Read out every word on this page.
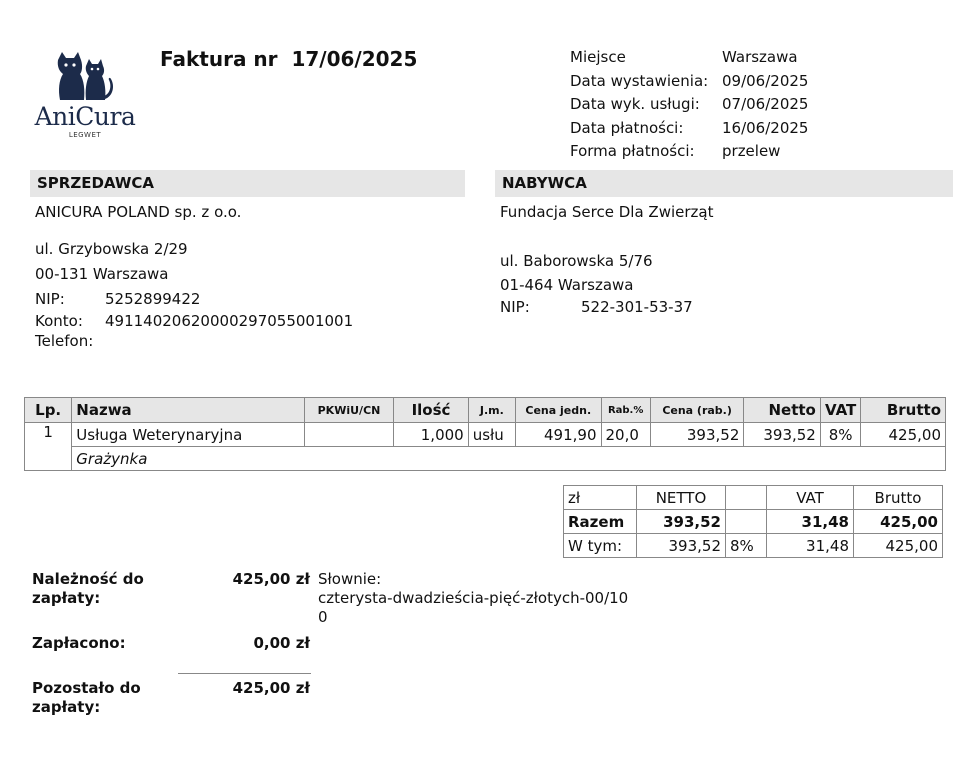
AniCura
LEGWET
Faktura nr 17/06/2025	Miejsce	Warszawa
Data wystawienia: 09/06/2025
Data wyk. usługi:	07/06/2025
Data płatności:	16/06/2025
Forma płatności:	przelew
SPRZEDAWCA
ANICURA POLAND sp. z o.o.
ul. Grzybowska 2/29
00-131 Warszawa
NIP:	5252899422
Konto: 49114020620000297055001001
Telefon:
NABYWCA
Fundacja Serce Dla Zwierząt
ul. Baborowska 5/76
01-464 Warszawa
NIP:	522-301-53-37
Lp.	Nazwa	PKWiU/CN	Ilość	J.m.	Cena jedn.	Rab.%	Cena (rab.)	Netto	VAT	Brutto
1	Usługa Weterynaryjna		1,000	usłu	491,90	20,0	393,52	393,52	8%	425,00
	Grażynka									
zł	NETTO		VAT	Brutto
Razem	393,52		31,48	425,00
W tym:	393,52	8%	31,48	425,00
Należność do
zapłaty:
425,00 zł Słownie:
czterysta-dwadzieścia-pięć-złotych-00/10
0
Zapłacono:	0,00 zł
Pozostało do
zapłaty:
425,00 zł
